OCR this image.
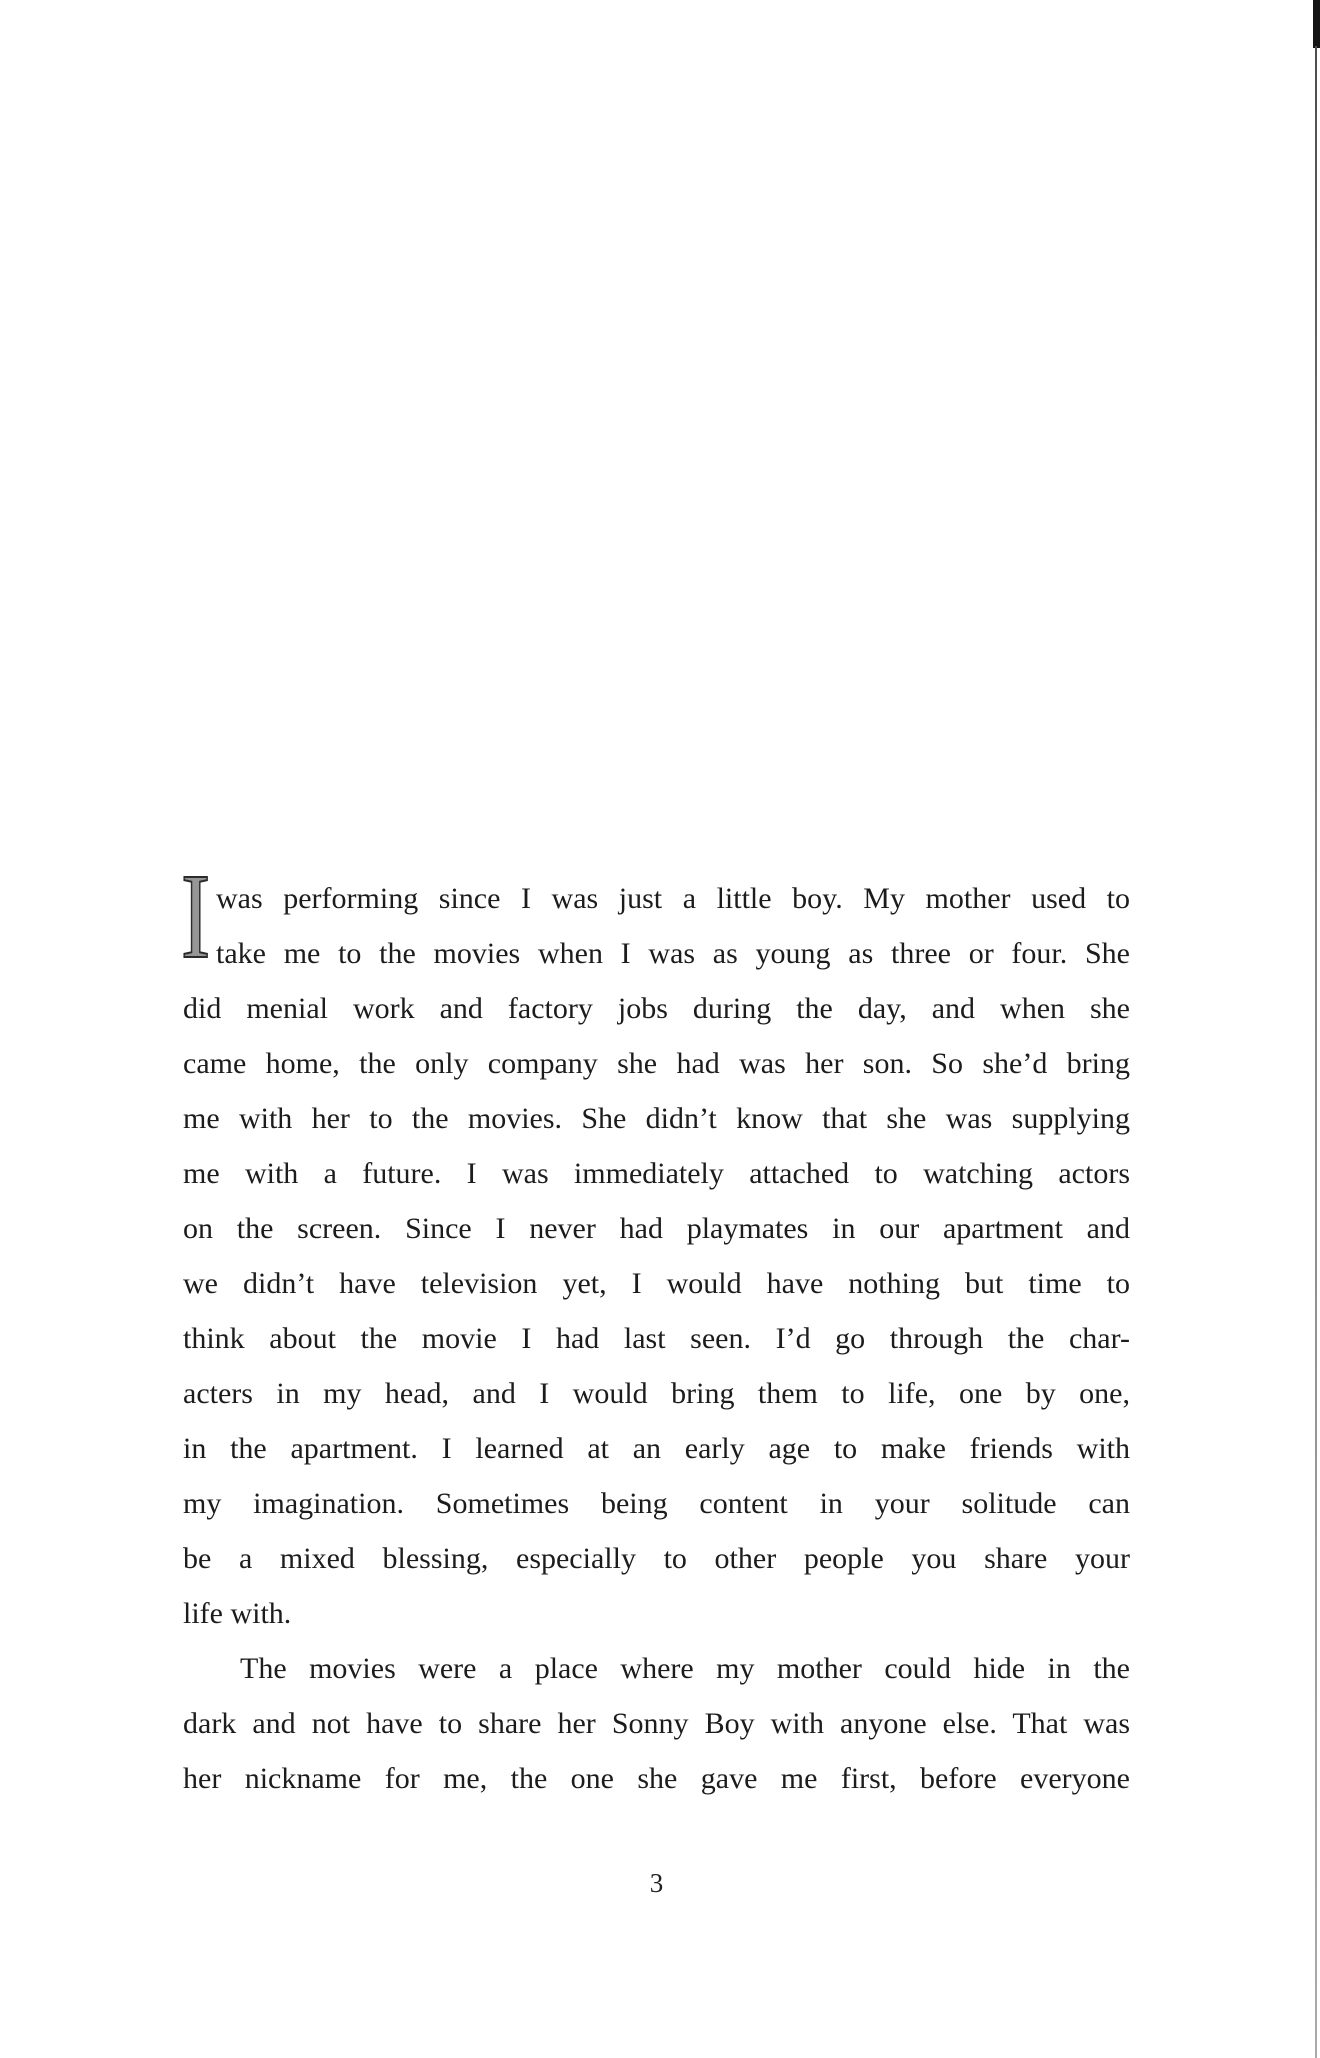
I was performing since I was just a little boy. My mother used to
take me to the movies when I was as young as three or four. She
did menial work and factory jobs during the day, and when she
came home, the only company she had was her son. So she’d bring
me with her to the movies. She didn’t know that she was supplying
me with a future. I was immediately attached to watching actors
on the screen. Since I never had playmates in our apartment and
we didn’t have television yet, I would have nothing but time to
think about the movie I had last seen. I’d go through the char-
acters in my head, and I would bring them to life, one by one,
in the apartment. I learned at an early age to make friends with
my imagination. Sometimes being content in your solitude can
be a mixed blessing, especially to other people you share your
life with.
The movies were a place where my mother could hide in the
dark and not have to share her Sonny Boy with anyone else. That was
her nickname for me, the one she gave me first, before everyone
3
